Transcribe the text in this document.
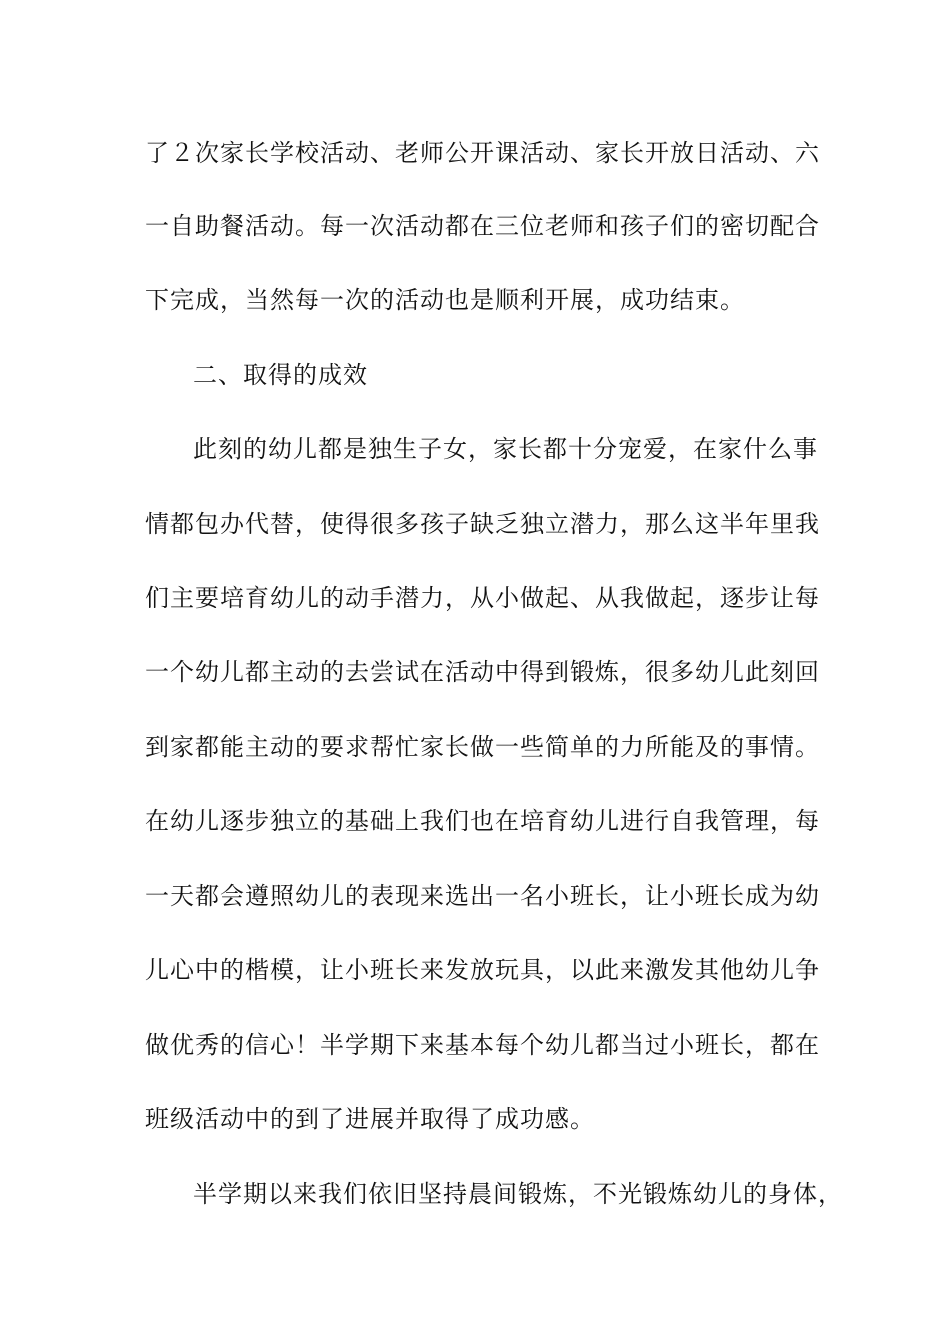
了２次家长学校活动、老师公开课活动、家长开放日活动、六
一自助餐活动。每一次活动都在三位老师和孩子们的密切配合
下完成，当然每一次的活动也是顺利开展，成功结束。
二、取得的成效
此刻的幼儿都是独生子女，家长都十分宠爱，在家什么事
情都包办代替，使得很多孩子缺乏独立潜力，那么这半年里我
们主要培育幼儿的动手潜力，从小做起、从我做起，逐步让每
一个幼儿都主动的去尝试在活动中得到锻炼，很多幼儿此刻回
到家都能主动的要求帮忙家长做一些简单的力所能及的事情。
在幼儿逐步独立的基础上我们也在培育幼儿进行自我管理，每
一天都会遵照幼儿的表现来选出一名小班长，让小班长成为幼
儿心中的楷模，让小班长来发放玩具，以此来激发其他幼儿争
做优秀的信心！半学期下来基本每个幼儿都当过小班长，都在
班级活动中的到了进展并取得了成功感。
半学期以来我们依旧坚持晨间锻炼，不光锻炼幼儿的身体，
